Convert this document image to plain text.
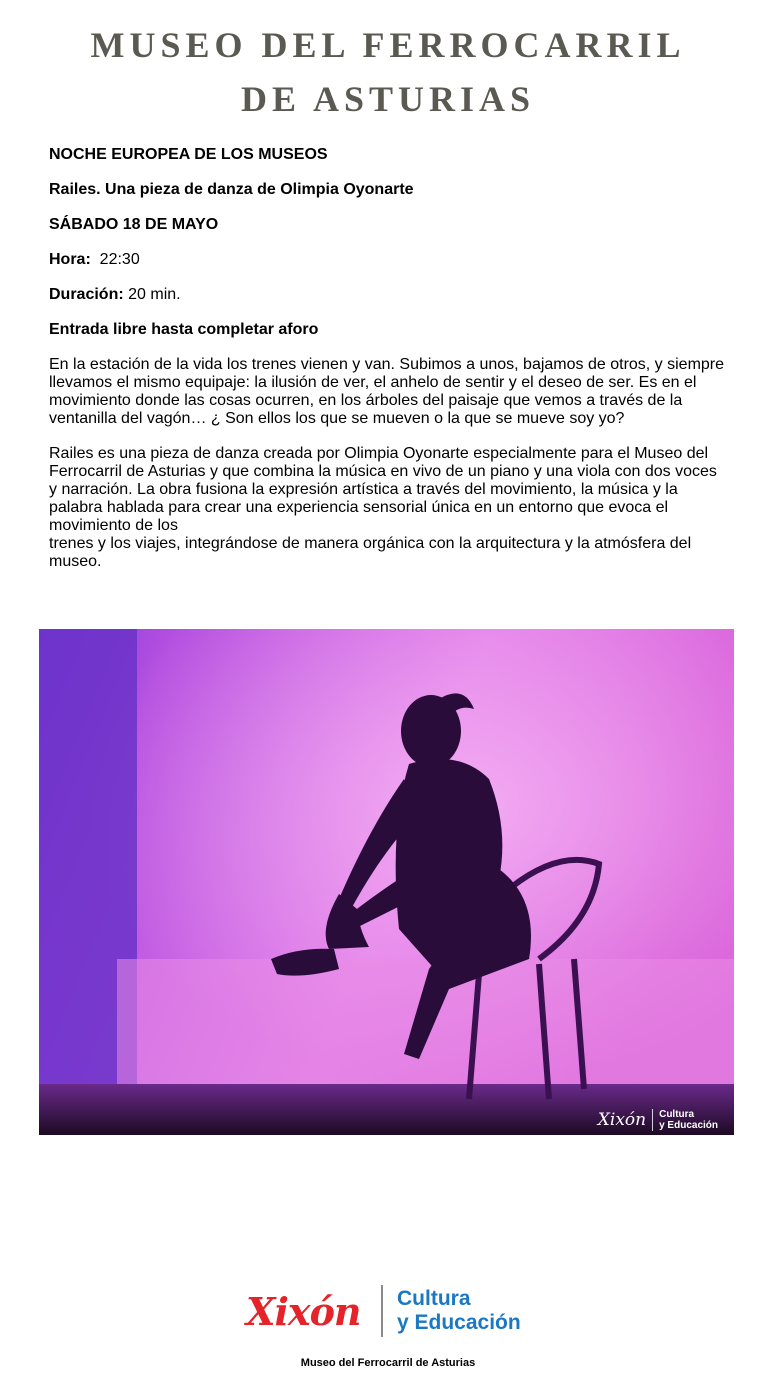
MUSEO DEL FERROCARRIL
DE ASTURIAS

NOCHE EUROPEA DE LOS MUSEOS

Railes. Una pieza de danza de Olimpia Oyonarte

SÁBADO 18 DE MAYO

Hora: 22:30

Duración: 20 min.

Entrada libre hasta completar aforo

En la estación de la vida los trenes vienen y van. Subimos a unos, bajamos de otros, y siempre llevamos el mismo equipaje: la ilusión de ver, el anhelo de sentir y el deseo de ser. Es en el movimiento donde las cosas ocurren, en los árboles del paisaje que vemos a través de la ventanilla del vagón… ¿ Son ellos los que se mueven o la que se mueve soy yo?

Railes es una pieza de danza creada por Olimpia Oyonarte especialmente para el Museo del Ferrocarril de Asturias y que combina la música en vivo de un piano y una viola con dos voces y narración. La obra fusiona la expresión artística a través del movimiento, la música y la palabra hablada para crear una experiencia sensorial única en un entorno que evoca el movimiento de los
trenes y los viajes, integrándose de manera orgánica con la arquitectura y la atmósfera del museo.

Xixón Cultura
y Educación
Xixón	Cultura
y Educación
Museo del Ferrocarril de Asturias
